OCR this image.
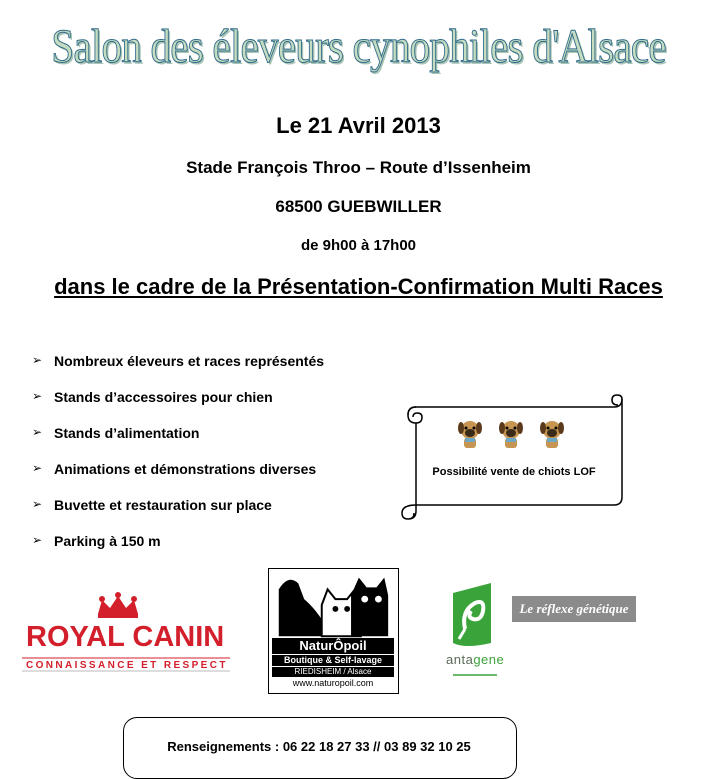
Salon des éleveurs cynophiles d'Alsace
Le 21 Avril 2013
Stade François Throo – Route d’Issenheim
68500 GUEBWILLER
de 9h00 à 17h00
dans le cadre de la Présentation-Confirmation Multi Races
➢ Nombreux éleveurs et races représentés
➢ Stands d’accessoires pour chien
➢ Stands d’alimentation
➢ Animations et démonstrations diverses
➢ Buvette et restauration sur place
➢ Parking à 150 m
Possibilité vente de chiots LOF
ROYAL CANIN
CONNAISSANCE ET RESPECT
NaturÔpoil
Boutique & Self-lavage
RIEDISHEIM / Alsace
www.naturopoil.com
Le réflexe génétique
antagene
Renseignements : 06 22 18 27 33 // 03 89 32 10 25
